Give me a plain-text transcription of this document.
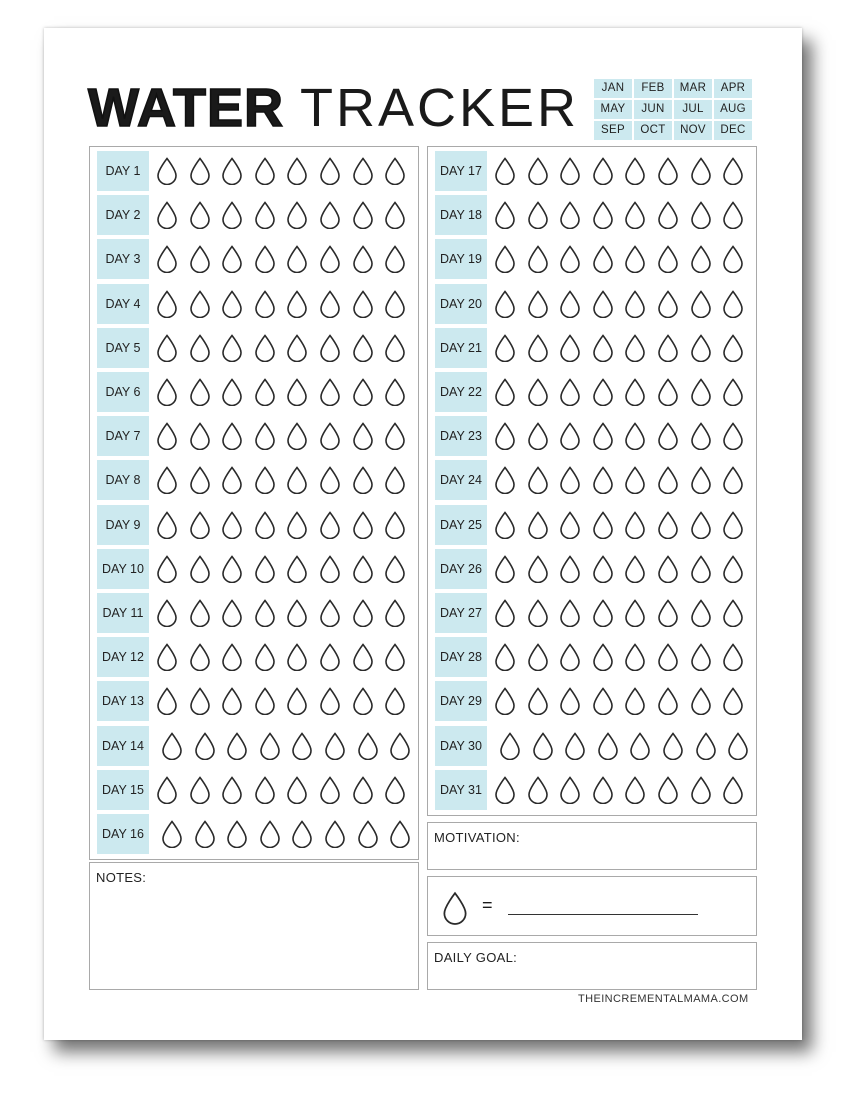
WATER TRACKER	JAN	FEB	MAR	APR
MAY	JUN	JUL	AUG
SEP	OCT	NOV	DEC
DAY 1
DAY 2
DAY 3
DAY 4
DAY 5
DAY 6
DAY 7
DAY 8
DAY 9
DAY 10
DAY 11
DAY 12
DAY 13
DAY 14
DAY 15
DAY 16
DAY 17
DAY 18
DAY 19
DAY 20
DAY 21
DAY 22
DAY 23
DAY 24
DAY 25
DAY 26
DAY 27
DAY 28
DAY 29
DAY 30
DAY 31
NOTES:
MOTIVATION:
=
DAILY GOAL:
THEINCREMENTALMAMA.COM
